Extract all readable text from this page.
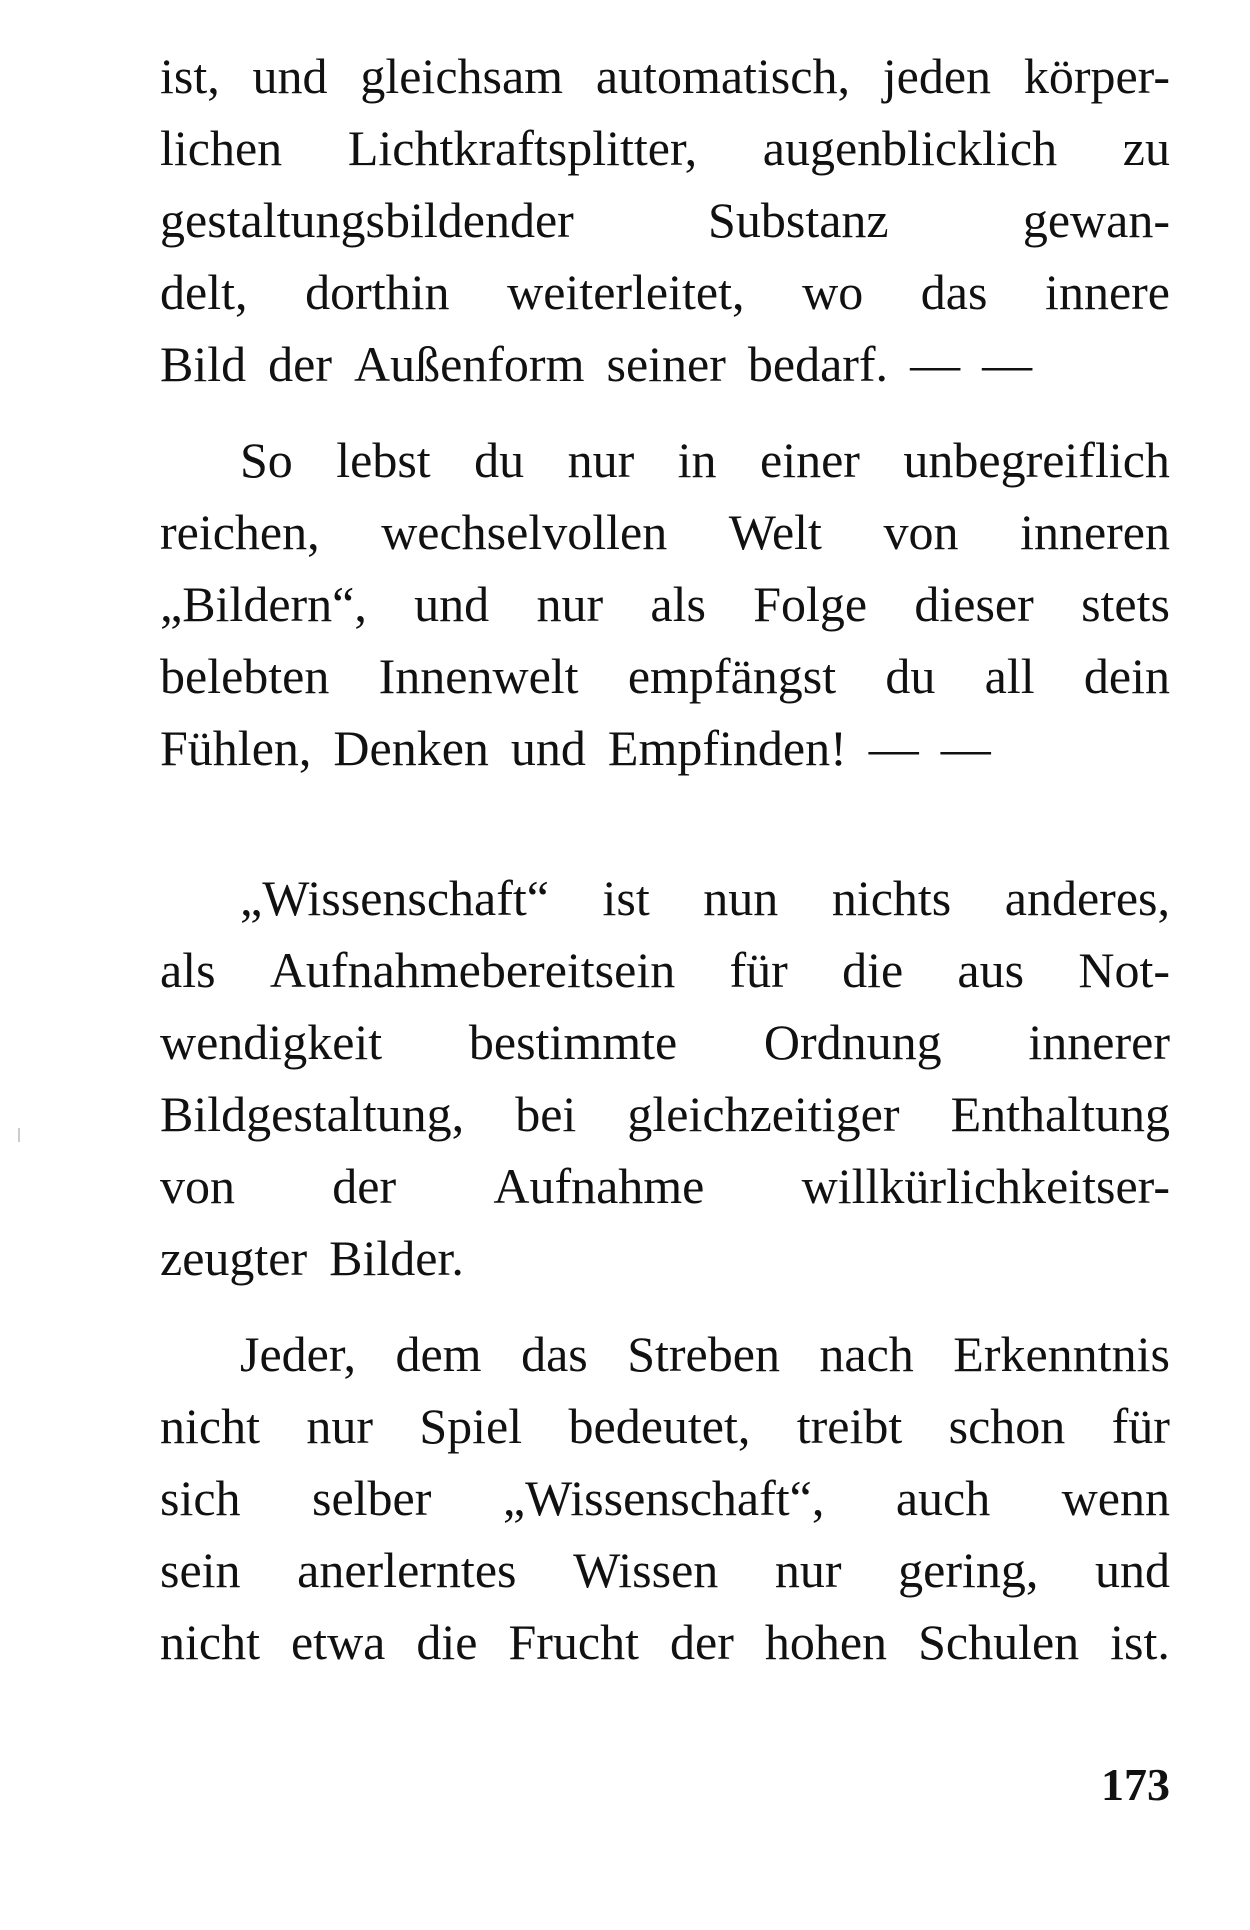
ist, und gleichsam automatisch, jeden körper-
lichen Lichtkraftsplitter, augenblicklich zu
gestaltungsbildender	Substanz	gewan-
delt, dorthin weiterleitet, wo das innere
Bild der Außenform seiner bedarf. — —
So lebst du nur in einer unbegreiflich
reichen, wechselvollen Welt von inneren
„Bildern“, und nur als Folge dieser stets
belebten Innenwelt empfängst du all dein
Fühlen, Denken und Empfinden! — —
„Wissenschaft“ ist nun nichts anderes,
als Aufnahmebereitsein für die aus Not-
wendigkeit bestimmte Ordnung innerer
Bildgestaltung, bei gleichzeitiger Enthaltung
von der Aufnahme willkürlichkeitser-
zeugter Bilder.
Jeder, dem das Streben nach Erkenntnis
nicht nur Spiel bedeutet, treibt schon für
sich selber „Wissenschaft“, auch wenn
sein anerlerntes Wissen nur gering, und
nicht etwa die Frucht der hohen Schulen ist.
173
